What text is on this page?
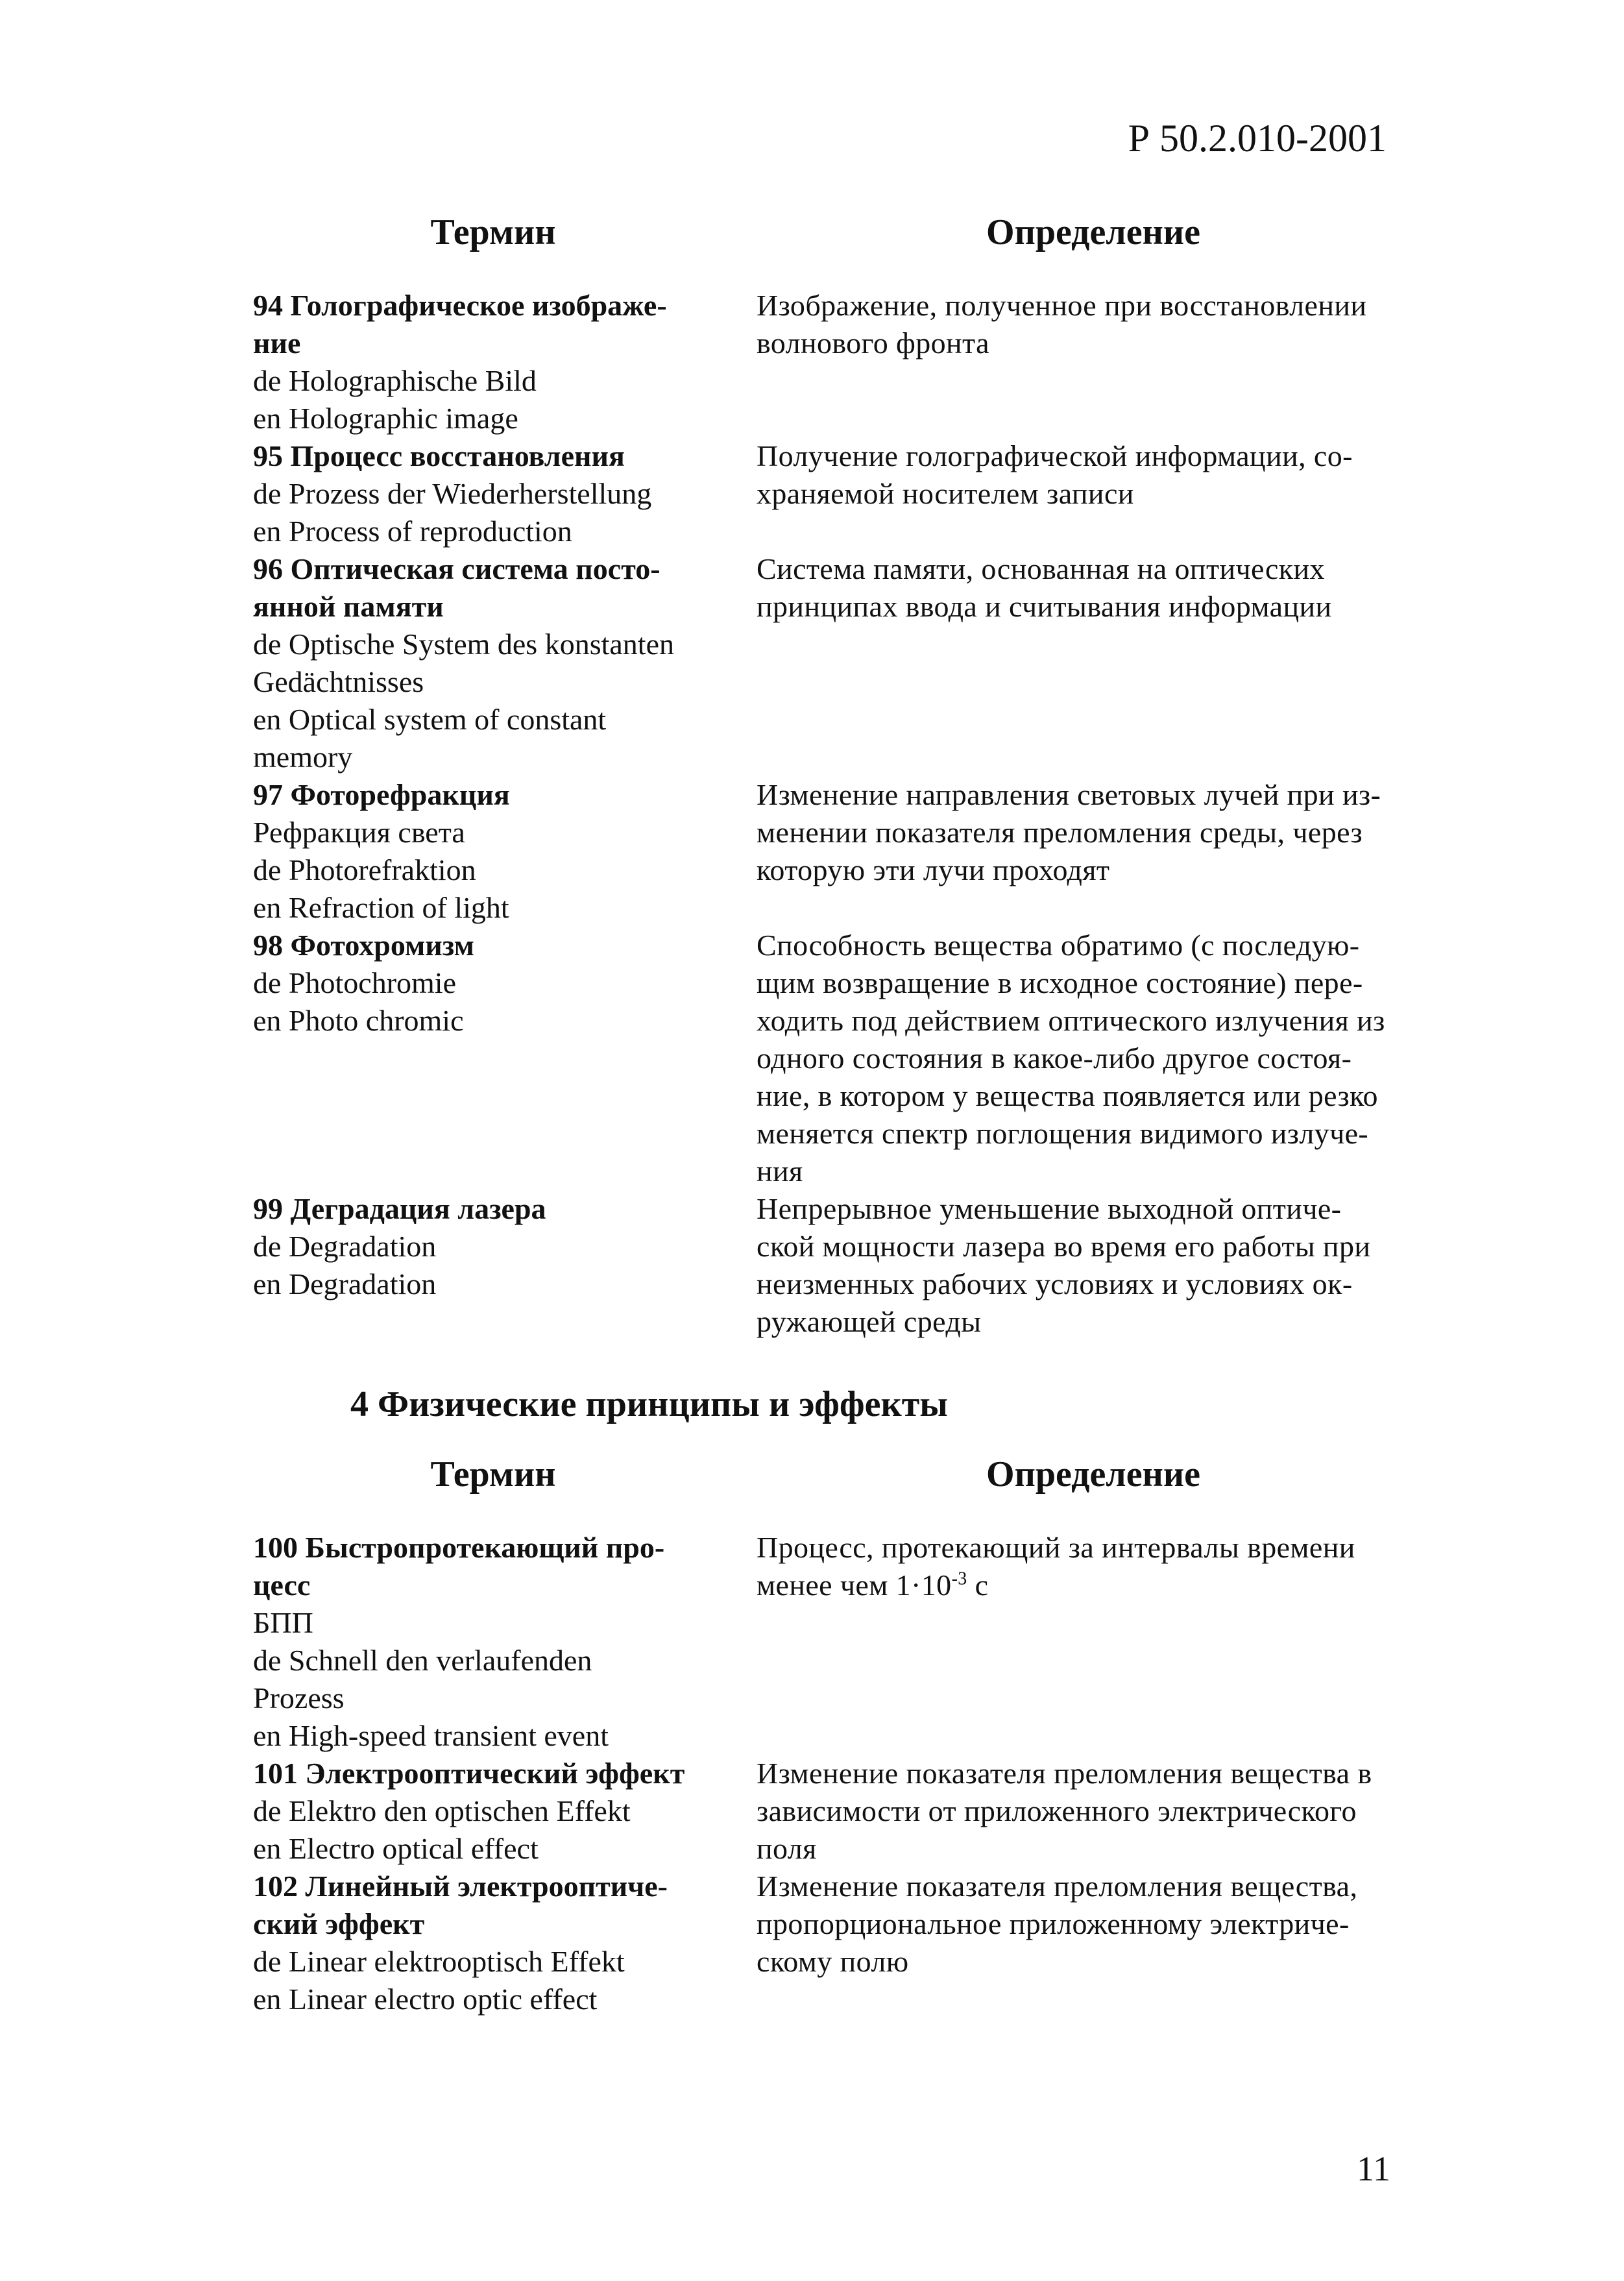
Р 50.2.010-2001
Термин	Определение
94 Голографическое изображе-
ние
de Holographische Bild
en Holographic image
Изображение, полученное при восстановлении
волнового фронта
95 Процесс восстановления
de Prozess der Wiederherstellung
en Process of reproduction
Получение голографической информации, со-
храняемой носителем записи
96 Оптическая система посто-
янной памяти
de Optische System des konstanten
Gedächtnisses
en Optical system of constant
memory
Система памяти, основанная на оптических
принципах ввода и считывания информации
97 Фоторефракция
Рефракция света
de Photorefraktion
en Refraction of light
Изменение направления световых лучей при из-
менении показателя преломления среды, через
которую эти лучи проходят
98 Фотохромизм
de Photochromie
en Photo chromic
Способность вещества обратимо (с последую-
щим возвращение в исходное состояние) пере-
ходить под действием оптического излучения из
одного состояния в какое-либо другое состоя-
ние, в котором у вещества появляется или резко
меняется спектр поглощения видимого излуче-
ния
99 Деградация лазера
de Degradation
en Degradation
Непрерывное уменьшение выходной оптиче-
ской мощности лазера во время его работы при
неизменных рабочих условиях и условиях ок-
ружающей среды
4 Физические принципы и эффекты
Термин	Определение
100 Быстропротекающий про-
цесс
БПП
de Schnell den verlaufenden
Prozess
en High-speed transient event
Процесс, протекающий за интервалы времени
менее чем $1\cdot 10^{-3}$ с
101 Электрооптический эффект
de Elektro den optischen Effekt
en Electro optical effect
Изменение показателя преломления вещества в
зависимости от приложенного электрического
поля
102 Линейный электрооптиче-
ский эффект
de Linear elektrooptisch Effekt
en Linear electro optic effect
Изменение показателя преломления вещества,
пропорциональное приложенному электриче-
скому полю
11
